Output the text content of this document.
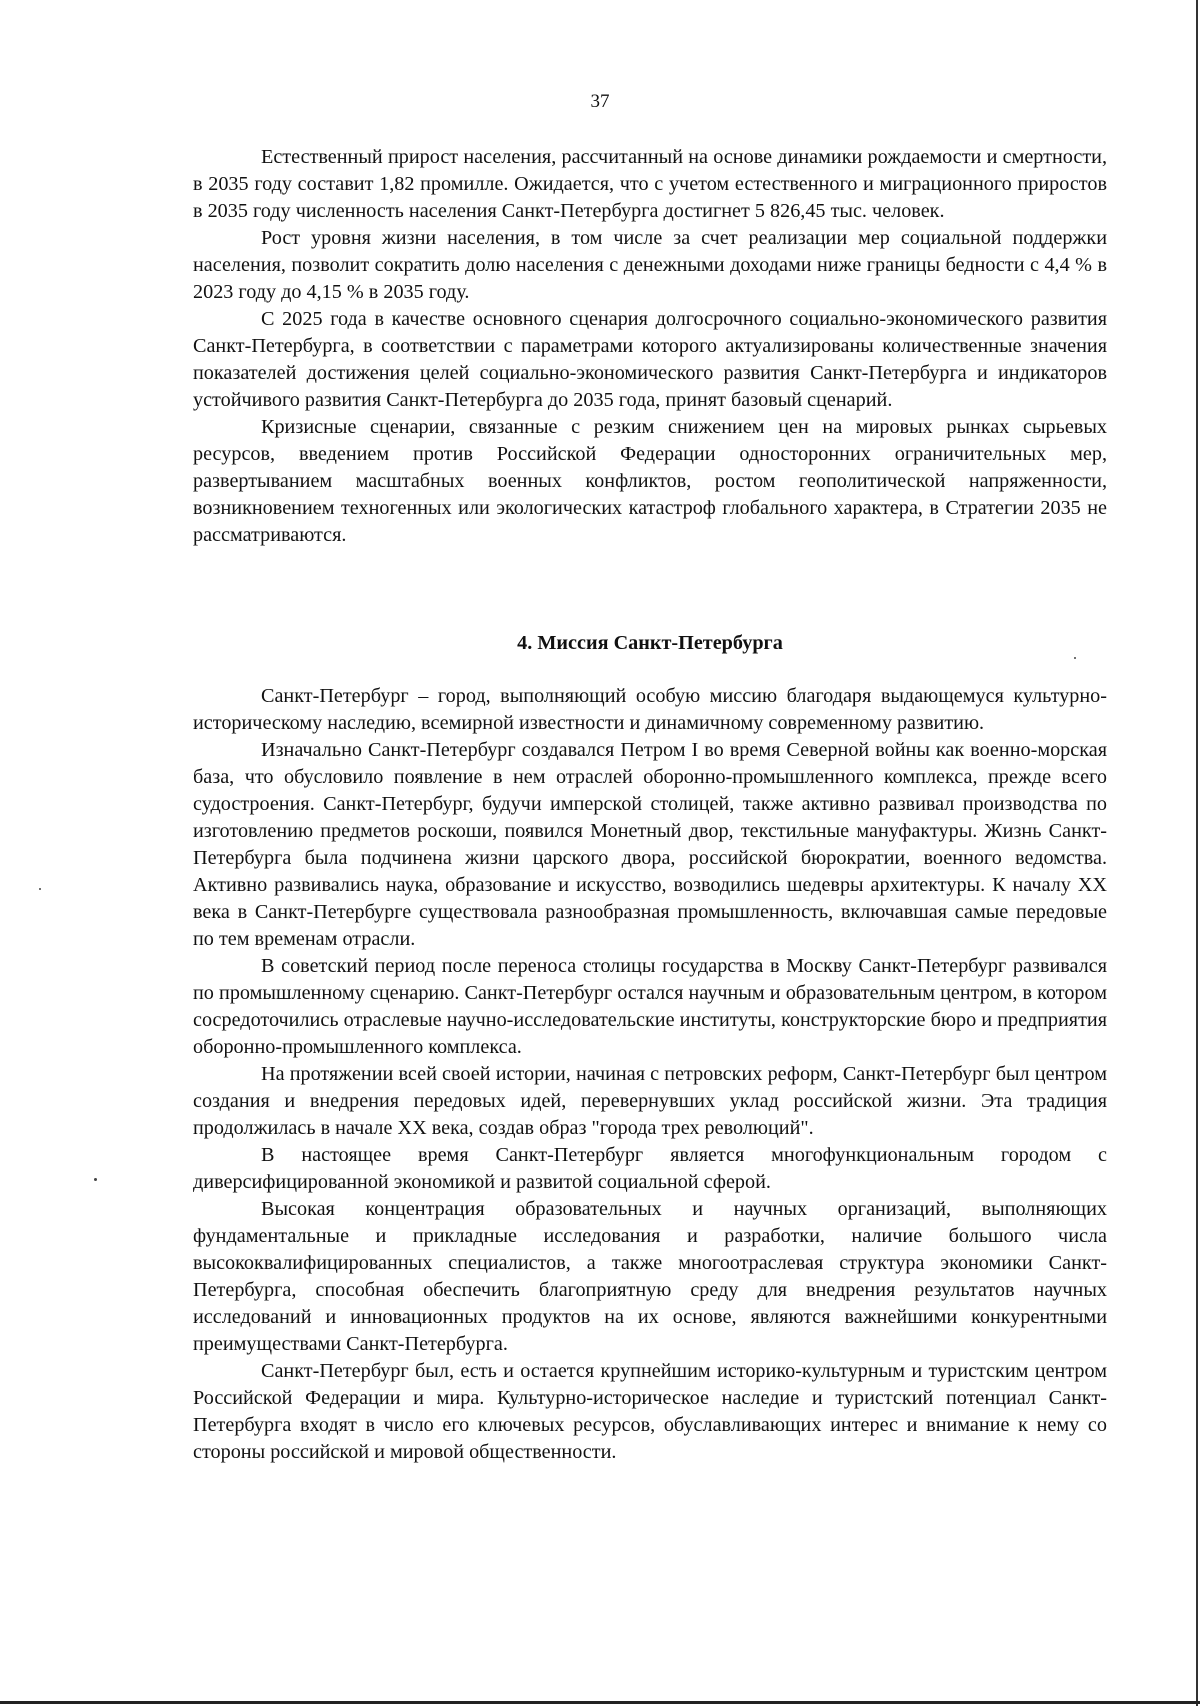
37

Естественный прирост населения, рассчитанный на основе динамики рождаемости и смертности, в 2035 году составит 1,82 промилле. Ожидается, что с учетом естественного и миграционного приростов в 2035 году численность населения Санкт-Петербурга достигнет 5 826,45 тыс. человек.

Рост уровня жизни населения, в том числе за счет реализации мер социальной поддержки населения, позволит сократить долю населения с денежными доходами ниже границы бедности с 4,4 % в 2023 году до 4,15 % в 2035 году.

С 2025 года в качестве основного сценария долгосрочного социально-экономического развития Санкт-Петербурга, в соответствии с параметрами которого актуализированы количественные значения показателей достижения целей социально-экономического развития Санкт-Петербурга и индикаторов устойчивого развития Санкт-Петербурга до 2035 года, принят базовый сценарий.

Кризисные сценарии, связанные с резким снижением цен на мировых рынках сырьевых ресурсов, введением против Российской Федерации односторонних ограничительных мер, развертыванием масштабных военных конфликтов, ростом геополитической напряженности, возникновением техногенных или экологических катастроф глобального характера, в Стратегии 2035 не рассматриваются.

4. Миссия Санкт-Петербурга

Санкт-Петербург – город, выполняющий особую миссию благодаря выдающемуся культурно-историческому наследию, всемирной известности и динамичному современному развитию.

Изначально Санкт-Петербург создавался Петром I во время Северной войны как военно-морская база, что обусловило появление в нем отраслей оборонно-промышленного комплекса, прежде всего судостроения. Санкт-Петербург, будучи имперской столицей, также активно развивал производства по изготовлению предметов роскоши, появился Монетный двор, текстильные мануфактуры. Жизнь Санкт-Петербурга была подчинена жизни царского двора, российской бюрократии, военного ведомства. Активно развивались наука, образование и искусство, возводились шедевры архитектуры. К началу XX века в Санкт-Петербурге существовала разнообразная промышленность, включавшая самые передовые по тем временам отрасли.

В советский период после переноса столицы государства в Москву Санкт-Петербург развивался по промышленному сценарию. Санкт-Петербург остался научным и образовательным центром, в котором сосредоточились отраслевые научно-исследовательские институты, конструкторские бюро и предприятия оборонно-промышленного комплекса.

На протяжении всей своей истории, начиная с петровских реформ, Санкт-Петербург был центром создания и внедрения передовых идей, перевернувших уклад российской жизни. Эта традиция продолжилась в начале XX века, создав образ "города трех революций".

В настоящее время Санкт-Петербург является многофункциональным городом с диверсифицированной экономикой и развитой социальной сферой.

Высокая концентрация образовательных и научных организаций, выполняющих фундаментальные и прикладные исследования и разработки, наличие большого числа высококвалифицированных специалистов, а также многоотраслевая структура экономики Санкт-Петербурга, способная обеспечить благоприятную среду для внедрения результатов научных исследований и инновационных продуктов на их основе, являются важнейшими конкурентными преимуществами Санкт-Петербурга.

Санкт-Петербург был, есть и остается крупнейшим историко-культурным и туристским центром Российской Федерации и мира. Культурно-историческое наследие и туристский потенциал Санкт-Петербурга входят в число его ключевых ресурсов, обуславливающих интерес и внимание к нему со стороны российской и мировой общественности.
